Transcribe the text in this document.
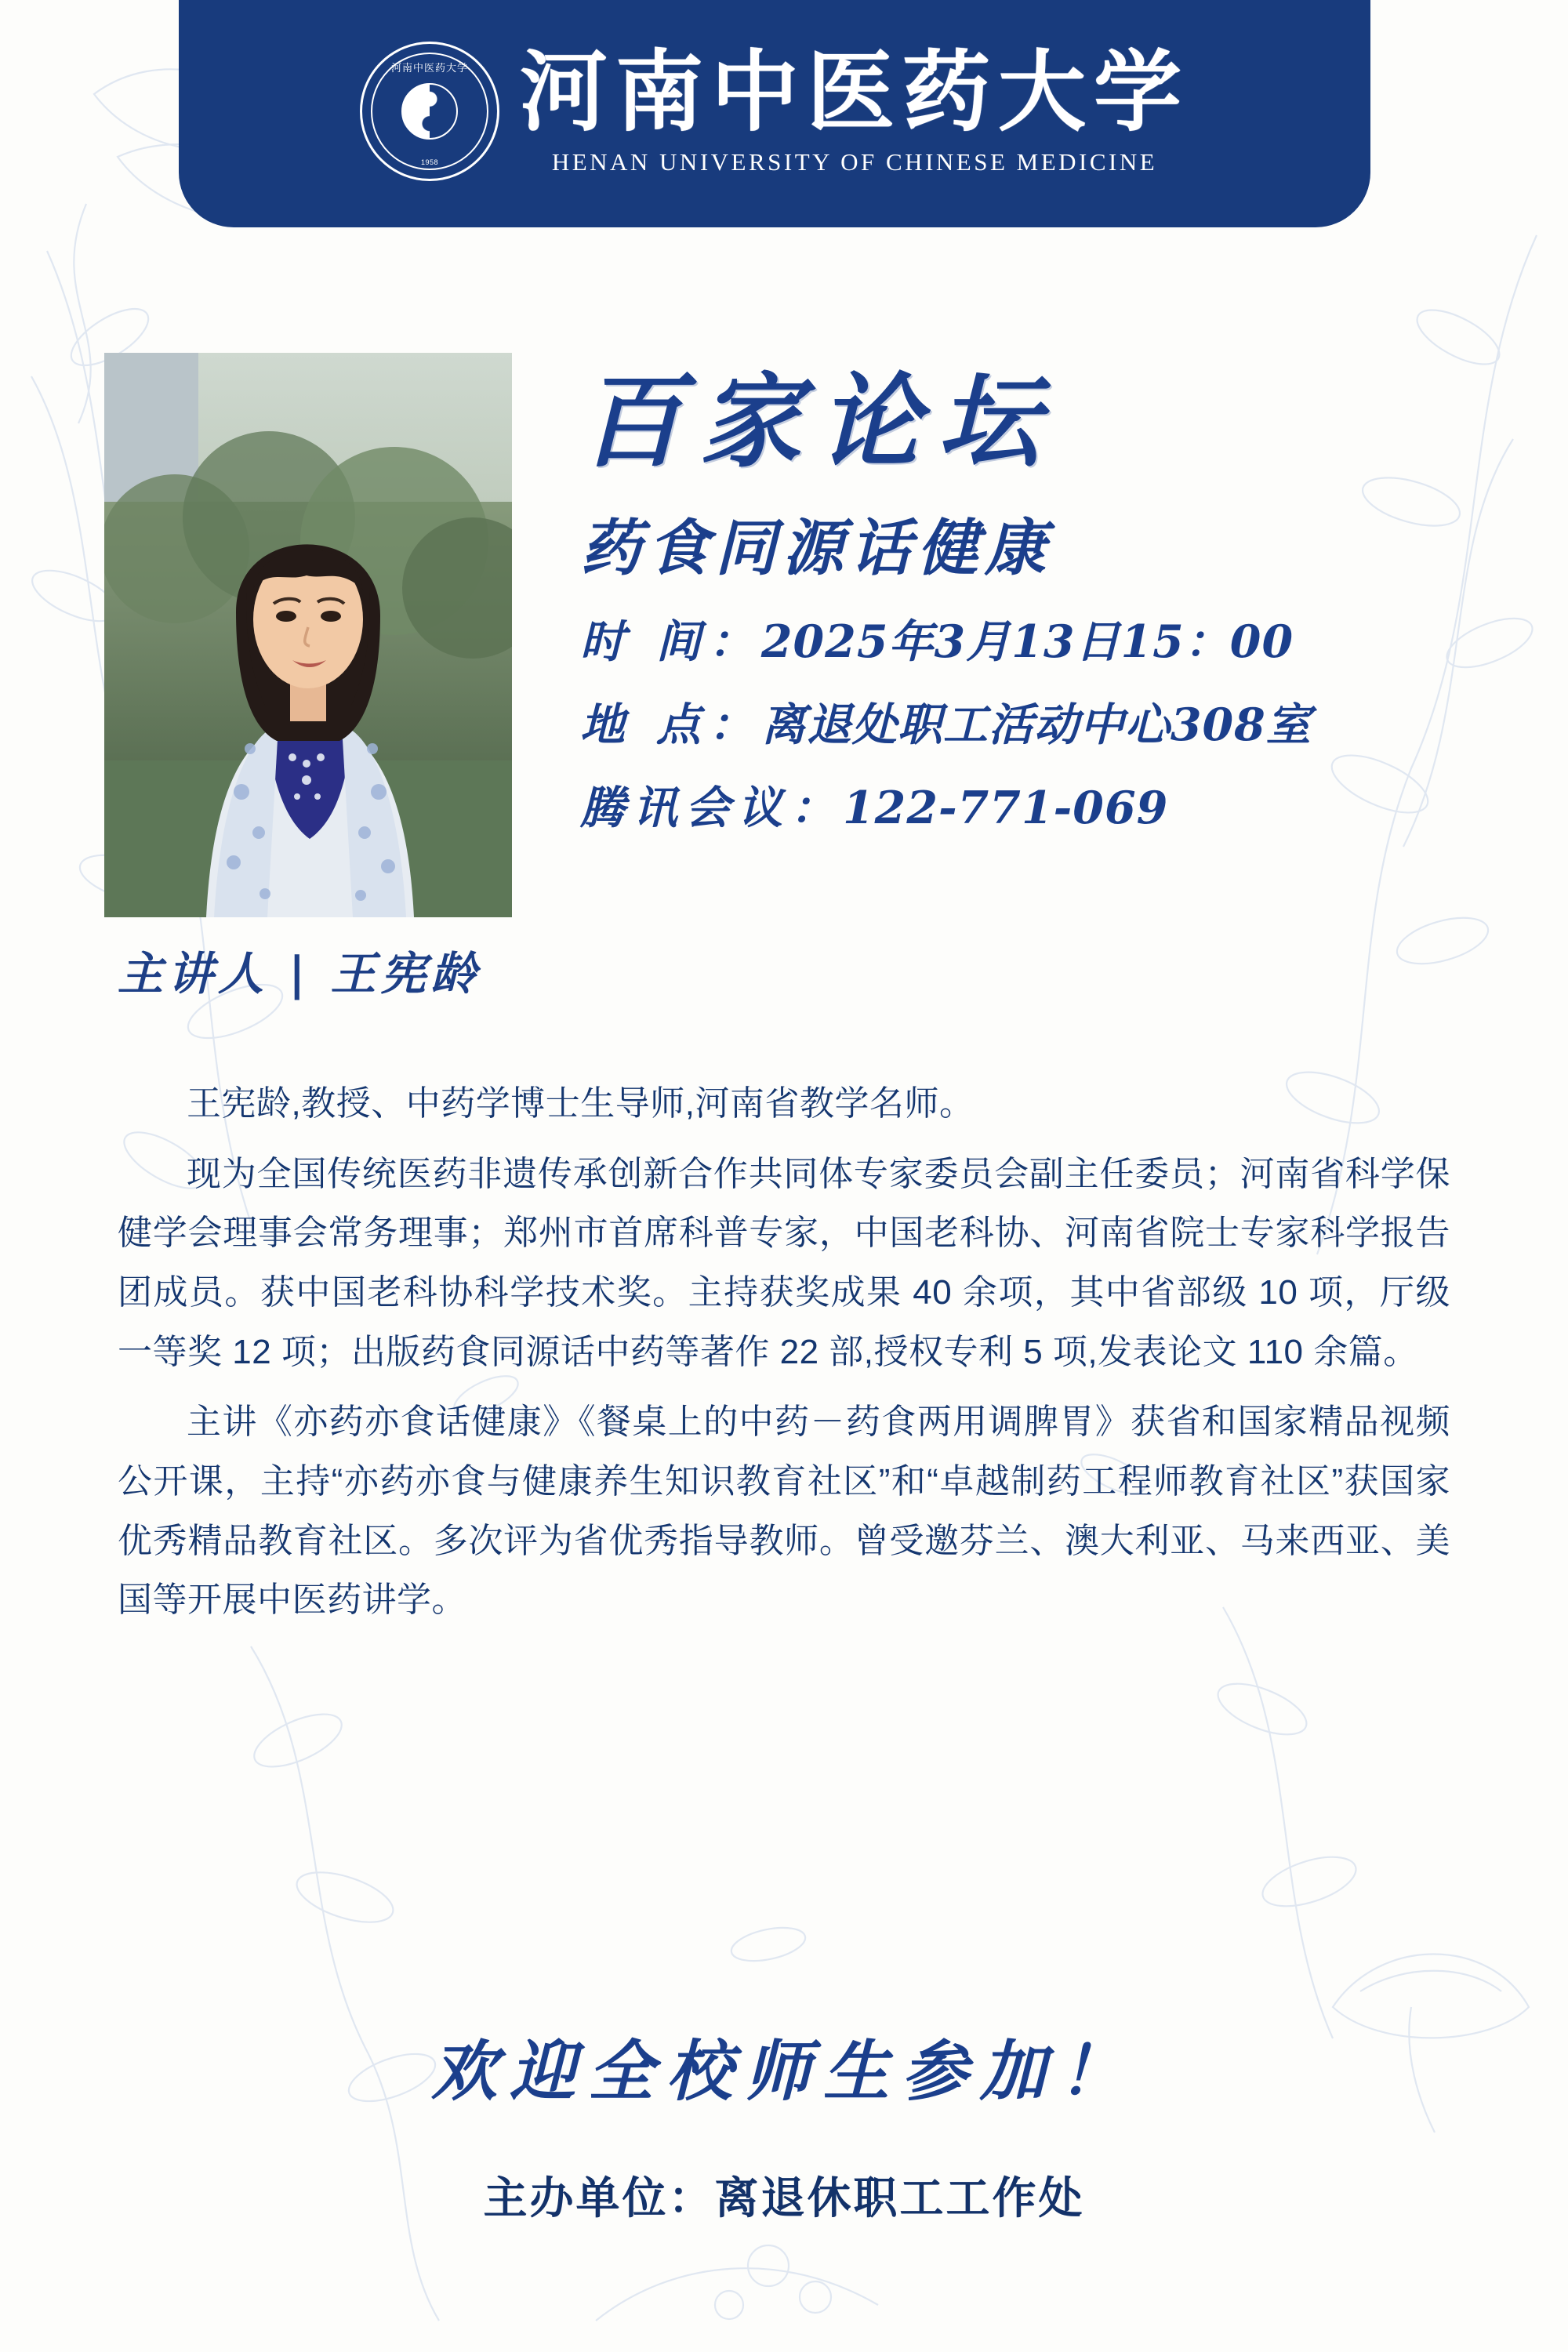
河南中医药大学
1958
河南中医药大学
HENAN UNIVERSITY OF CHINESE MEDICINE
主讲人 | 王宪龄
百家论坛
药食同源话健康
时 间：2025年3月13日15：00
地 点：离退处职工活动中心308室
腾讯会议：122-771-069

王宪龄,教授、中药学博士生导师,河南省教学名师。

现为全国传统医药非遗传承创新合作共同体专家委员会副主任委员；河南省科学保健学会理事会常务理事；郑州市首席科普专家，中国老科协、河南省院士专家科学报告团成员。获中国老科协科学技术奖。主持获奖成果 40 余项，其中省部级 10 项，厅级一等奖 12 项；出版药食同源话中药等著作 22 部,授权专利 5 项,发表论文 110 余篇。

主讲《亦药亦食话健康》《餐桌上的中药－药食两用调脾胃》获省和国家精品视频公开课，主持“亦药亦食与健康养生知识教育社区”和“卓越制药工程师教育社区”获国家优秀精品教育社区。多次评为省优秀指导教师。曾受邀芬兰、澳大利亚、马来西亚、美国等开展中医药讲学。

欢迎全校师生参加！
主办单位：离退休职工工作处
